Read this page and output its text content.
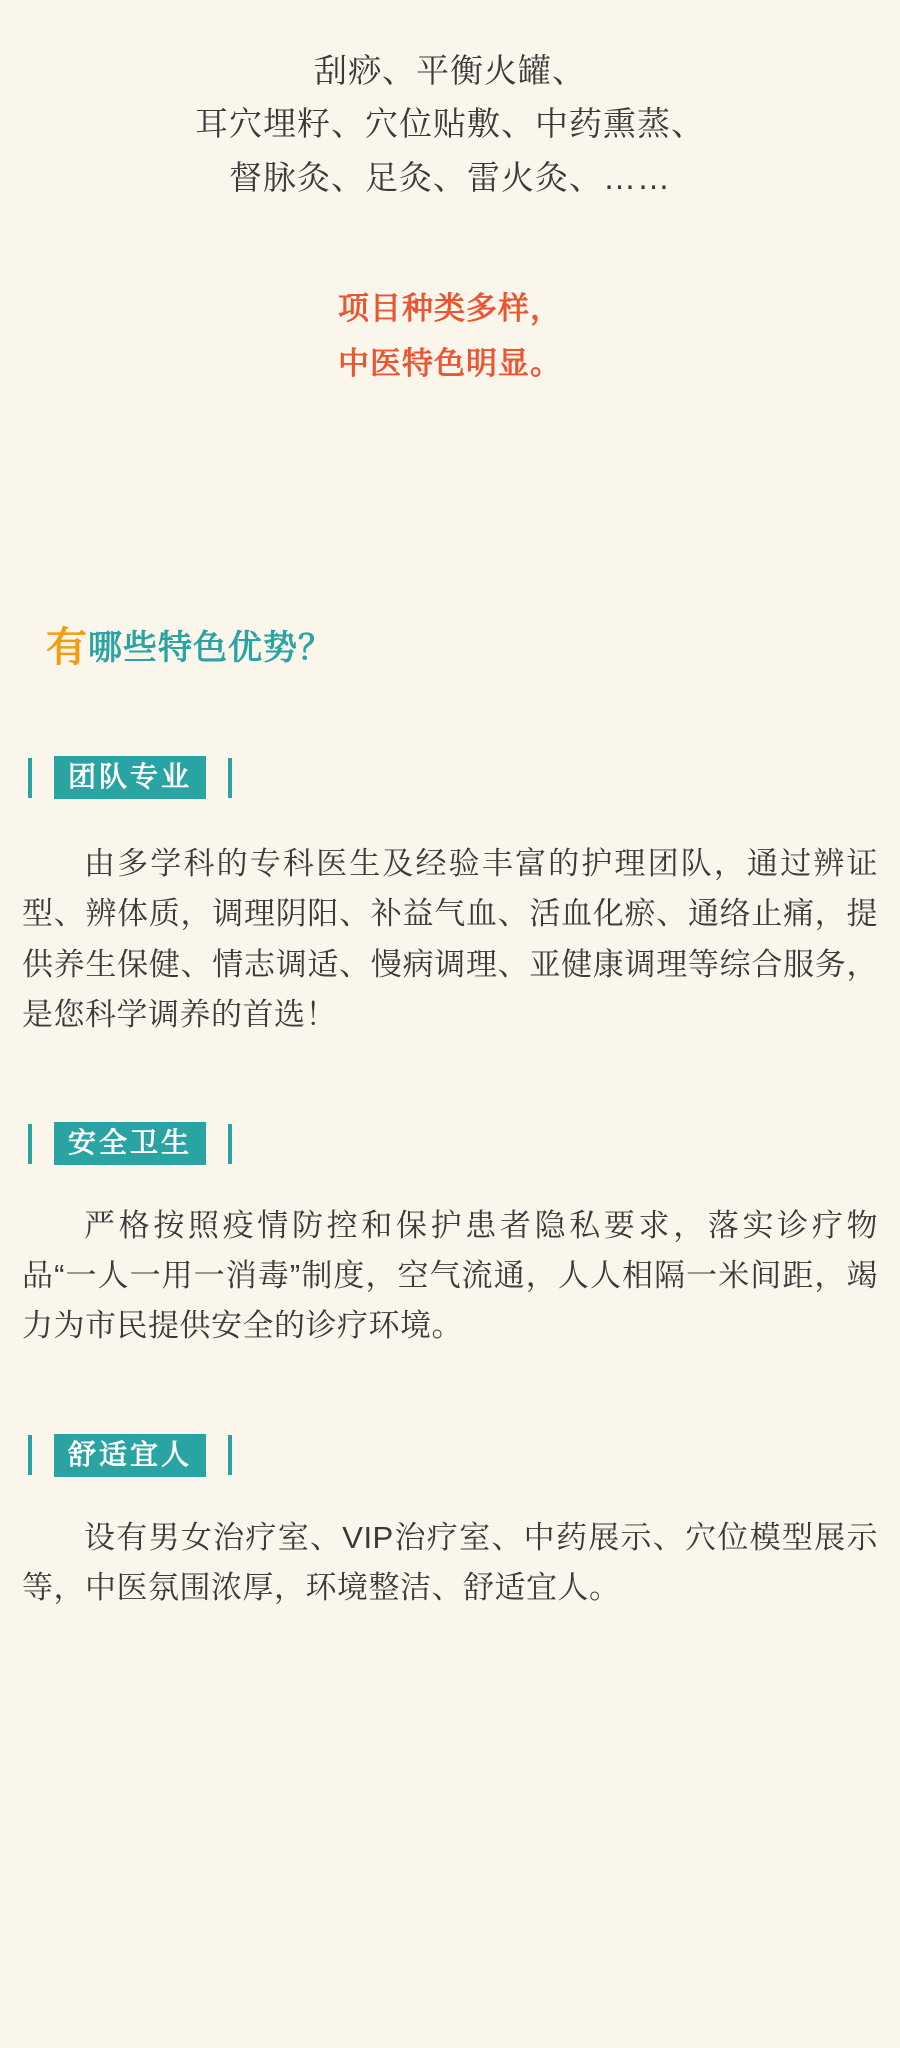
刮痧、平衡火罐、
耳穴埋籽、穴位贴敷、中药熏蒸、
督脉灸、足灸、雷火灸、……
项目种类多样，
中医特色明显。
有哪些特色优势？
团队专业

由多学科的专科医生及经验丰富的护理团队，通过辨证型、辨体质，调理阴阳、补益气血、活血化瘀、通络止痛，提供养生保健、情志调适、慢病调理、亚健康调理等综合服务，是您科学调养的首选！

安全卫生

严格按照疫情防控和保护患者隐私要求，落实诊疗物品“一人一用一消毒”制度，空气流通，人人相隔一米间距，竭力为市民提供安全的诊疗环境。

舒适宜人

设有男女治疗室、VIP治疗室、中药展示、穴位模型展示等，中医氛围浓厚，环境整洁、舒适宜人。
